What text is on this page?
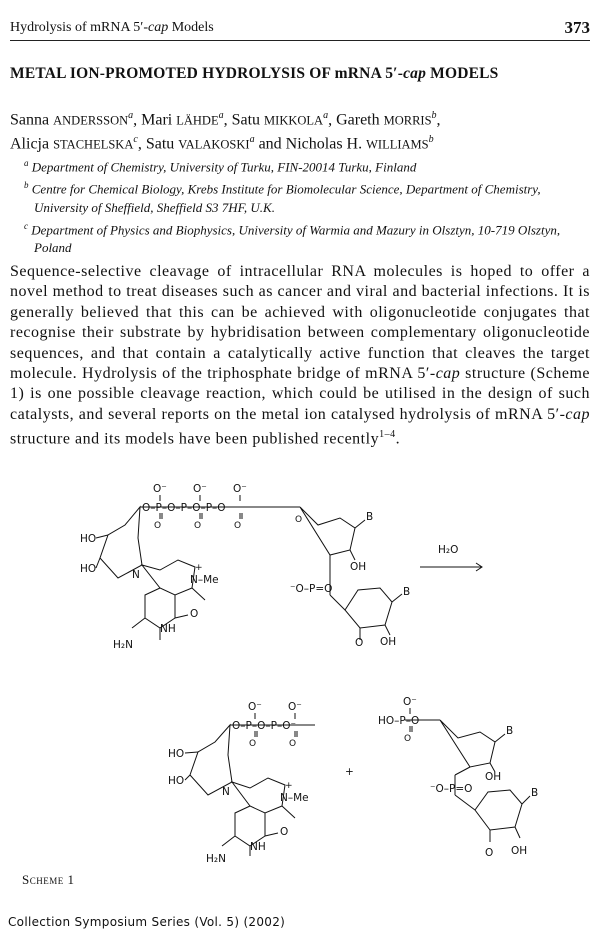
Hydrolysis of mRNA 5′-cap Models	373
METAL ION-PROMOTED HYDROLYSIS OF mRNA 5′-cap MODELS
Sanna ANDERSSON$^a$, Mari LÄHDE$^a$, Satu MIKKOLA$^a$, Gareth MORRIS$^b$,
Alicja STACHELSKA$^c$, Satu VALAKOSKI$^a$ and Nicholas H. WILLIAMS$^b$
$^a$ Department of Chemistry, University of Turku, FIN-20014 Turku, Finland
$^b$ Centre for Chemical Biology, Krebs Institute for Biomolecular Science, Department of Chemistry, University of Sheffield, Sheffield S3 7HF, U.K.
$^c$ Department of Physics and Biophysics, University of Warmia and Mazury in Olsztyn, 10-719 Olsztyn, Poland
Sequence-selective cleavage of intracellular RNA molecules is hoped to offer a novel method to treat diseases such as cancer and viral and bacterial infections. It is generally believed that this can be achieved with oligonucleotide conjugates that recognise their substrate by hybridisation between complementary oligonucleotide sequences, and that contain a catalytically active function that cleaves the target molecule. Hydrolysis of the triphosphate bridge of mRNA 5′-cap structure (Scheme 1) is one possible cleavage reaction, which could be utilised in the design of such catalysts, and several reports on the metal ion catalysed hydrolysis of mRNA 5′-cap structure and its models have been published recently$^{1-4}$.
O⁻ O⁻ O⁻
O–P–O–P–O–P–O
O	O	O
HO
HO	N
+
N–Me
O
NH
H₂N
O	B
OH
⁻O–P=O	B
O OH
H₂O
O⁻ O⁻
O–P–O–P–O⁻
O	O
HO
HO
N	+
N–Me
O
NH
H₂N
+
O⁻
HO–P–O
O
B
OH
⁻O–P=O	B
O OH
Scheme 1
Collection Symposium Series (Vol. 5) (2002)
